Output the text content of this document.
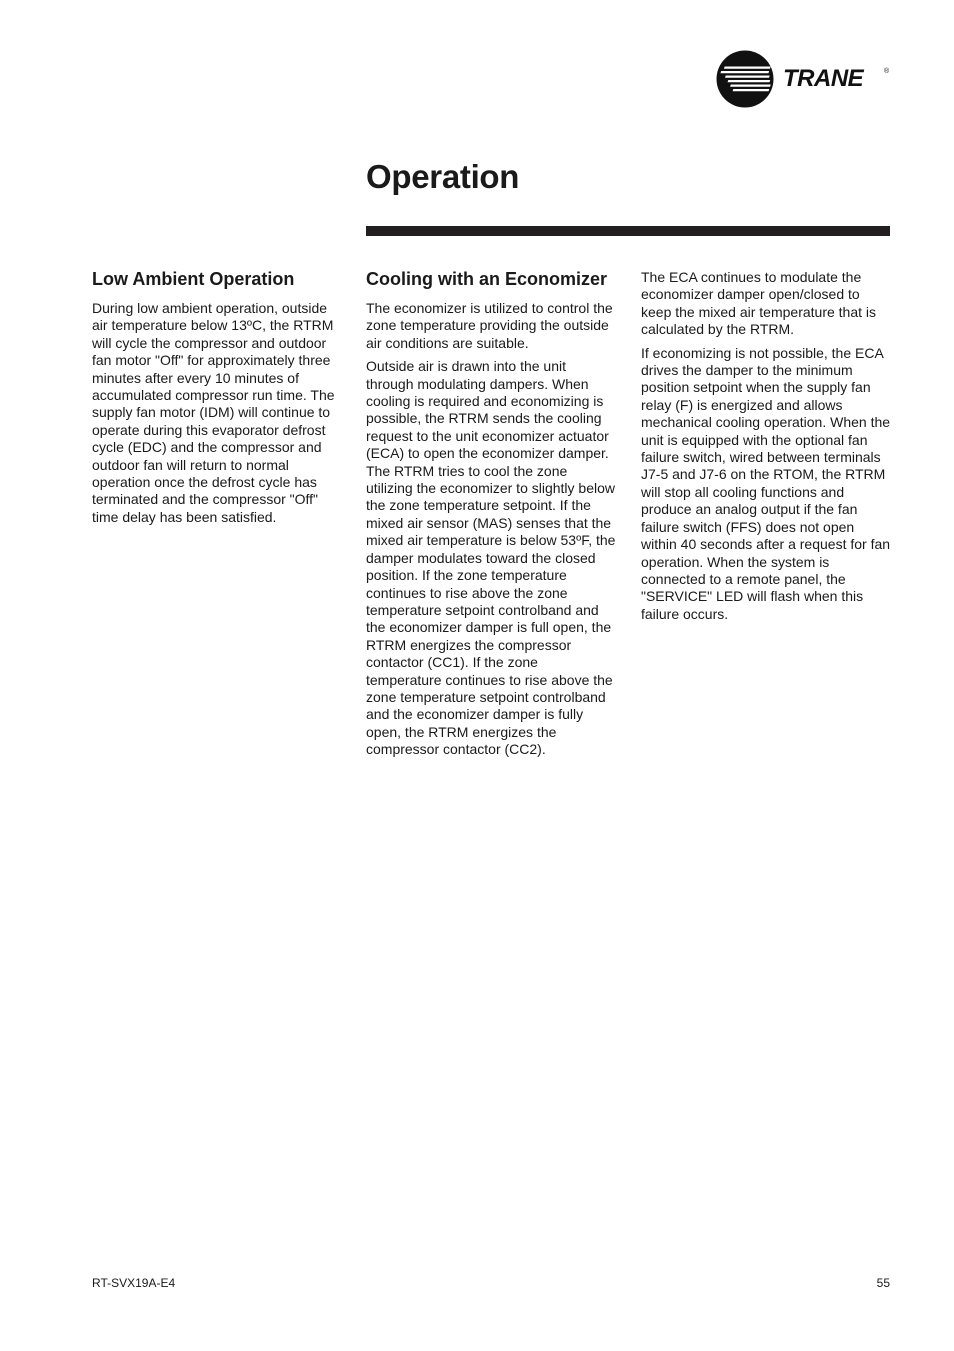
TRANE	®
Operation
Low Ambient Operation

During low ambient operation, outside air temperature below 13ºC, the RTRM will cycle the compressor and outdoor fan motor "Off" for approximately three minutes after every 10 minutes of accumulated compressor run time. The supply fan motor (IDM) will continue to operate during this evaporator defrost cycle (EDC) and the compressor and outdoor fan will return to normal operation once the defrost cycle has terminated and the compressor "Off" time delay has been satisfied.

Cooling with an Economizer

The economizer is utilized to control the zone temperature providing the outside air conditions are suitable.

Outside air is drawn into the unit through modulating dampers. When cooling is required and economizing is possible, the RTRM sends the cooling request to the unit economizer actuator (ECA) to open the economizer damper. The RTRM tries to cool the zone utilizing the economizer to slightly below the zone temperature setpoint. If the mixed air sensor (MAS) senses that the mixed air temperature is below 53ºF, the damper modulates toward the closed position. If the zone temperature continues to rise above the zone temperature setpoint controlband and the economizer damper is full open, the RTRM energizes the compressor contactor (CC1). If the zone temperature continues to rise above the zone temperature setpoint controlband and the economizer damper is fully open, the RTRM energizes the compressor contactor (CC2).

The ECA continues to modulate the economizer damper open/closed to keep the mixed air temperature that is calculated by the RTRM.

If economizing is not possible, the ECA drives the damper to the minimum position setpoint when the supply fan relay (F) is energized and allows mechanical cooling operation. When the unit is equipped with the optional fan failure switch, wired between terminals J7-5 and J7-6 on the RTOM, the RTRM will stop all cooling functions and produce an analog output if the fan failure switch (FFS) does not open within 40 seconds after a request for fan operation. When the system is connected to a remote panel, the "SERVICE" LED will flash when this failure occurs.

RT-SVX19A-E4	55
